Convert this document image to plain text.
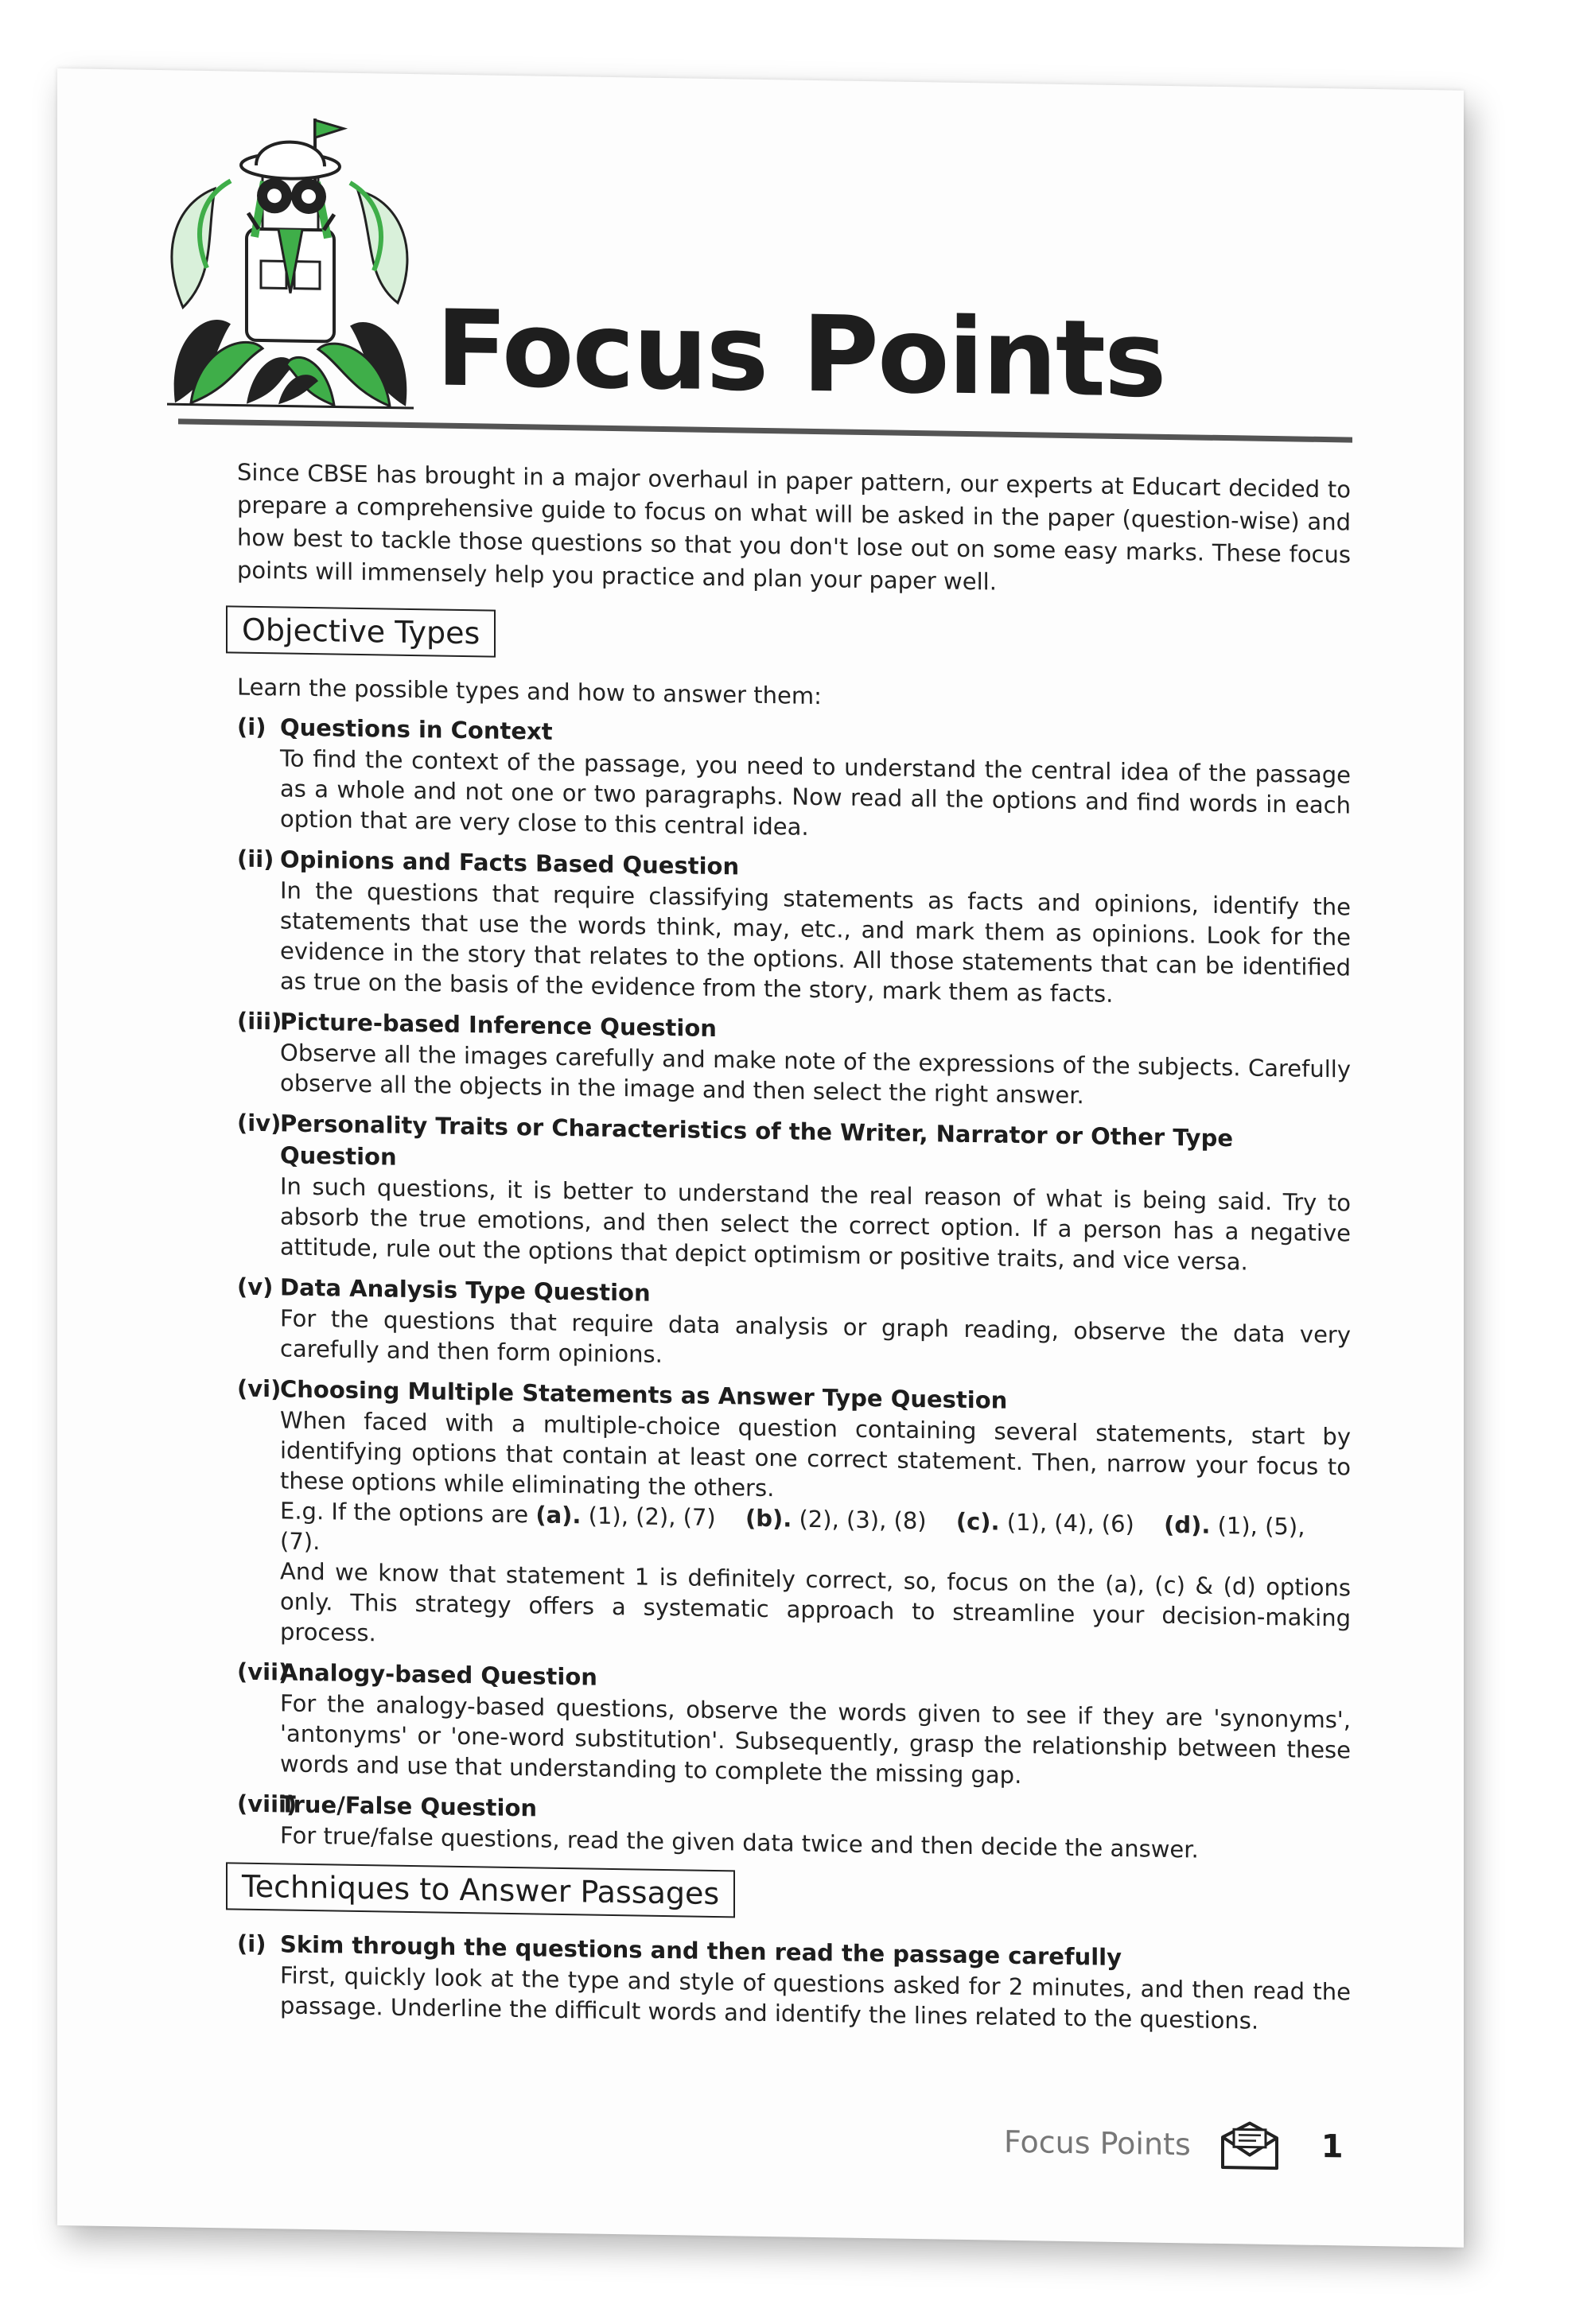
Focus Points

Since CBSE has brought in a major overhaul in paper pattern, our experts at Educart decided to prepare a comprehensive guide to focus on what will be asked in the paper (question-wise) and how best to tackle those questions so that you don't lose out on some easy marks. These focus points will immensely help you practice and plan your paper well.

Objective Types

Learn the possible types and how to answer them:

(i) Questions in Context
To find the context of the passage, you need to understand the central idea of the passage as a whole and not one or two paragraphs. Now read all the options and find words in each option that are very close to this central idea.
(ii) Opinions and Facts Based Question
In the questions that require classifying statements as facts and opinions, identify the statements that use the words think, may, etc., and mark them as opinions. Look for the evidence in the story that relates to the options. All those statements that can be identified as true on the basis of the evidence from the story, mark them as facts.
(iii)
Picture-based Inference Question
Observe all the images carefully and make note of the expressions of the subjects. Carefully observe all the objects in the image and then select the right answer.
(iv)
Personality Traits or Characteristics of the Writer, Narrator or Other Type Question
In such questions, it is better to understand the real reason of what is being said. Try to absorb the true emotions, and then select the correct option. If a person has a negative attitude, rule out the options that depict optimism or positive traits, and vice versa.
(v) Data Analysis Type Question
For the questions that require data analysis or graph reading, observe the data very carefully and then form opinions.
(vi)
Choosing Multiple Statements as Answer Type Question
When faced with a multiple-choice question containing several statements, start by identifying options that contain at least one correct statement. Then, narrow your focus to these options while eliminating the others.
E.g. If the options are (a). (1), (2), (7) (b). (2), (3), (8) (c). (1), (4), (6) (d). (1), (5), (7).
And we know that statement 1 is definitely correct, so, focus on the (a), (c) & (d) options only. This strategy offers a systematic approach to streamline your decision-making process.
(vii)
Analogy-based Question
For the analogy-based questions, observe the words given to see if they are 'synonyms', 'antonyms' or 'one-word substitution'. Subsequently, grasp the relationship between these words and use that understanding to complete the missing gap.
(viii)
True/False Question
For true/false questions, read the given data twice and then decide the answer.
Techniques to Answer Passages
(i) Skim through the questions and then read the passage carefully
First, quickly look at the type and style of questions asked for 2 minutes, and then read the passage. Underline the difficult words and identify the lines related to the questions.
Focus Points	1
